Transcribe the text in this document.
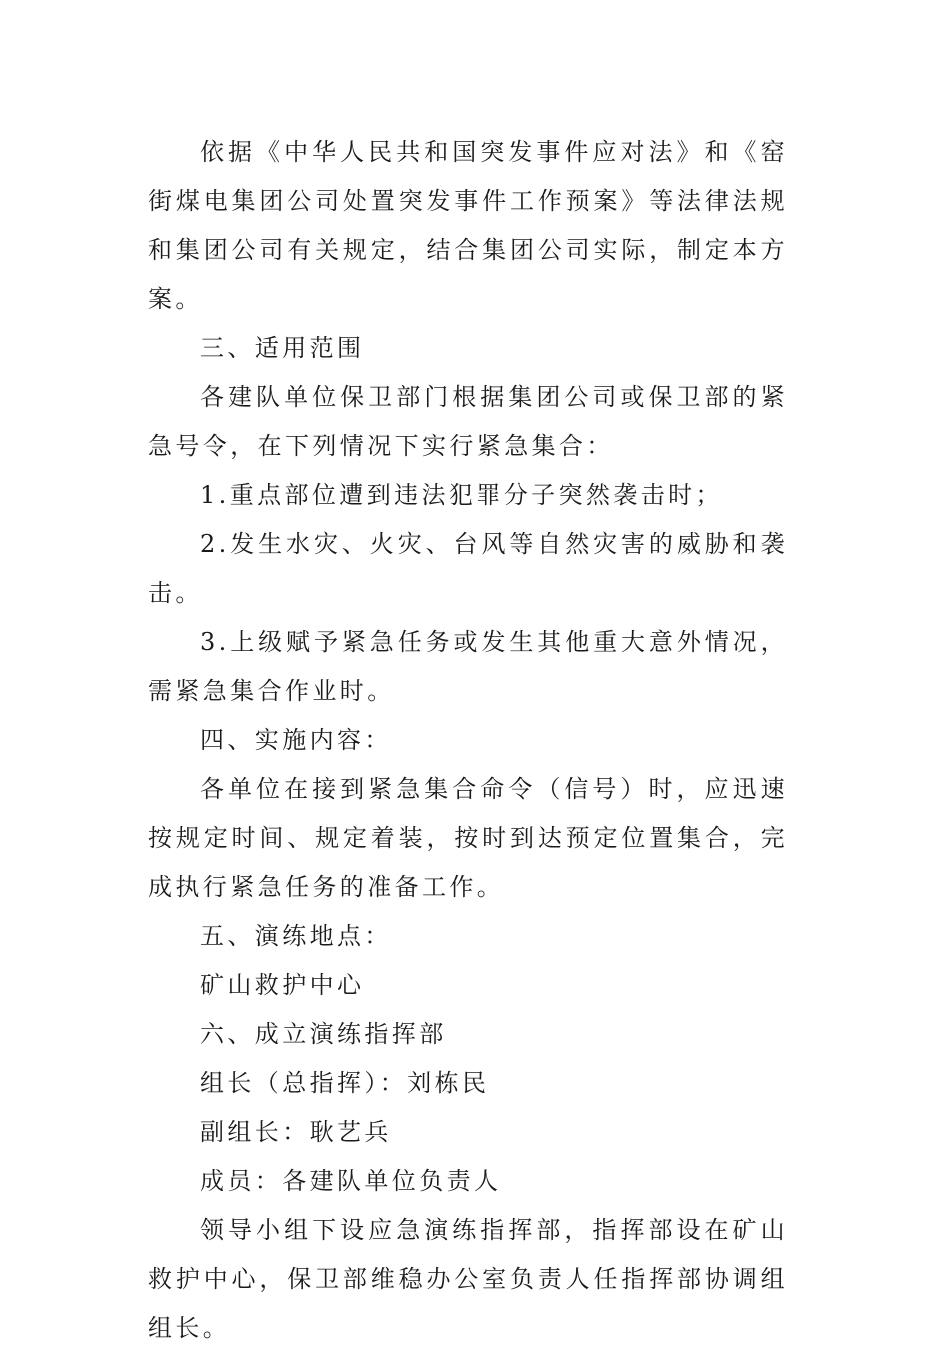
依据《中华人民共和国突发事件应对法》和《窑街煤电集团公司处置突发事件工作预案》等法律法规和集团公司有关规定，结合集团公司实际，制定本方案。

三、适用范围

各建队单位保卫部门根据集团公司或保卫部的紧急号令，在下列情况下实行紧急集合：

1.重点部位遭到违法犯罪分子突然袭击时；

2.发生水灾、火灾、台风等自然灾害的威胁和袭击。

3.上级赋予紧急任务或发生其他重大意外情况，需紧急集合作业时。

四、实施内容：

各单位在接到紧急集合命令（信号）时，应迅速按规定时间、规定着装，按时到达预定位置集合，完成执行紧急任务的准备工作。

五、演练地点：

矿山救护中心

六、成立演练指挥部

组长（总指挥）：刘栋民

副组长：耿艺兵

成员：各建队单位负责人

领导小组下设应急演练指挥部，指挥部设在矿山救护中心，保卫部维稳办公室负责人任指挥部协调组组长。
